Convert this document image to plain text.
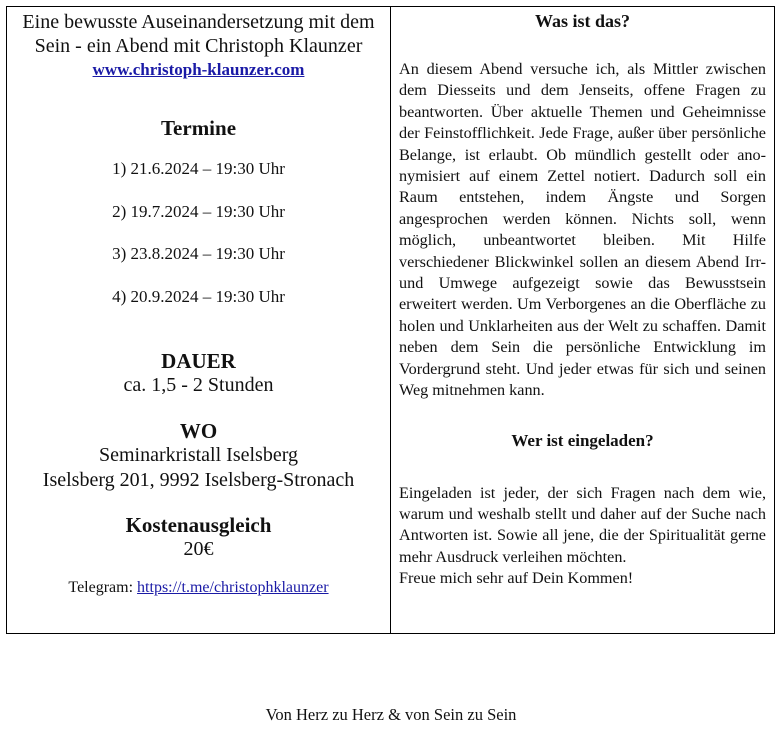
Eine bewusste Auseinandersetzung mit dem Sein - ein Abend mit Christoph Klaunzer

www.christoph-klaunzer.com

Termine

1) 21.6.2024 – 19:30 Uhr
2) 19.7.2024 – 19:30 Uhr
3) 23.8.2024 – 19:30 Uhr
4) 20.9.2024 – 19:30 Uhr

DAUER

ca. 1,5 - 2 Stunden

WO

Seminarkristall Iselsberg
Iselsberg 201, 9992 Iselsberg-Stronach

Kostenausgleich

20€
Telegram: https://t.me/christophklaunzer

Was ist das?

An diesem Abend versuche ich, als Mittler zwischen dem Diesseits und dem Jenseits, offene Fragen zu beantworten. Über aktuelle Themen und Geheimnisse der Feinstofflichkeit. Jede Frage, außer über persönliche Belange, ist erlaubt. Ob mündlich gestellt oder anonymisiert auf einem Zettel notiert. Dadurch soll ein Raum entstehen, indem Ängste und Sorgen angesprochen werden können. Nichts soll, wenn möglich, unbeantwortet bleiben. Mit Hilfe verschiedener Blickwinkel sollen an diesem Abend Irr- und Umwege aufgezeigt sowie das Bewusstsein erweitert werden. Um Verborgenes an die Oberfläche zu holen und Unklarheiten aus der Welt zu schaffen. Damit neben dem Sein die persönliche Entwicklung im Vordergrund steht. Und jeder etwas für sich und seinen Weg mitnehmen kann.

Wer ist eingeladen?

Eingeladen ist jeder, der sich Fragen nach dem wie, warum und weshalb stellt und daher auf der Suche nach Antworten ist. Sowie all jene, die der Spiritualität gerne mehr Ausdruck verleihen möchten.

Freue mich sehr auf Dein Kommen!

Von Herz zu Herz & von Sein zu Sein
